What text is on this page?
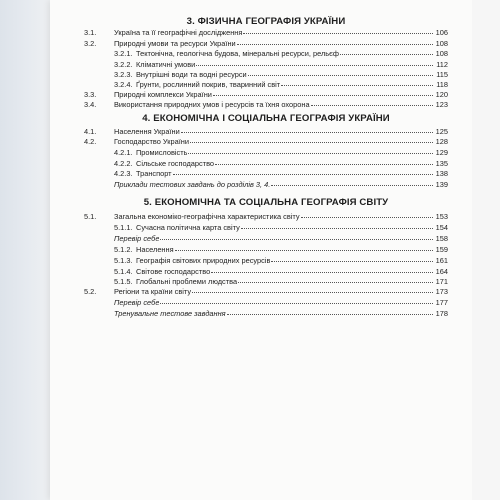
3. ФІЗИЧНА ГЕОГРАФІЯ УКРАЇНИ
3.1.	Україна та її географічні дослідження	106
3.2.	Природні умови та ресурси України	108
3.2.1. Тектонічна, геологічна будова, мінеральні ресурси, рельєф	108
3.2.2. Кліматичні умови	112
3.2.3. Внутрішні води та водні ресурси	115
3.2.4. Ґрунти, рослинний покрив, тваринний світ	118
3.3.	Природні комплекси України	120
3.4.	Використання природних умов і ресурсів та їхня охорона	123
4. ЕКОНОМІЧНА І СОЦІАЛЬНА ГЕОГРАФІЯ УКРАЇНИ
4.1.	Населення України	125
4.2.	Господарство України	128
4.2.1. Промисловість	129
4.2.2. Сільське господарство	135
4.2.3. Транспорт	138
Приклади тестових завдань до розділів 3, 4.	139
5. ЕКОНОМІЧНА ТА СОЦІАЛЬНА ГЕОГРАФІЯ СВІТУ
5.1.	Загальна економіко-географічна характеристика світу	153
5.1.1. Сучасна політична карта світу	154
Перевір себе	158
5.1.2. Населення	159
5.1.3. Географія світових природних ресурсів	161
5.1.4. Світове господарство	164
5.1.5. Глобальні проблеми людства	171
5.2.	Регіони та країни світу	173
Перевір себе	177
Тренувальне тестове завдання	178
